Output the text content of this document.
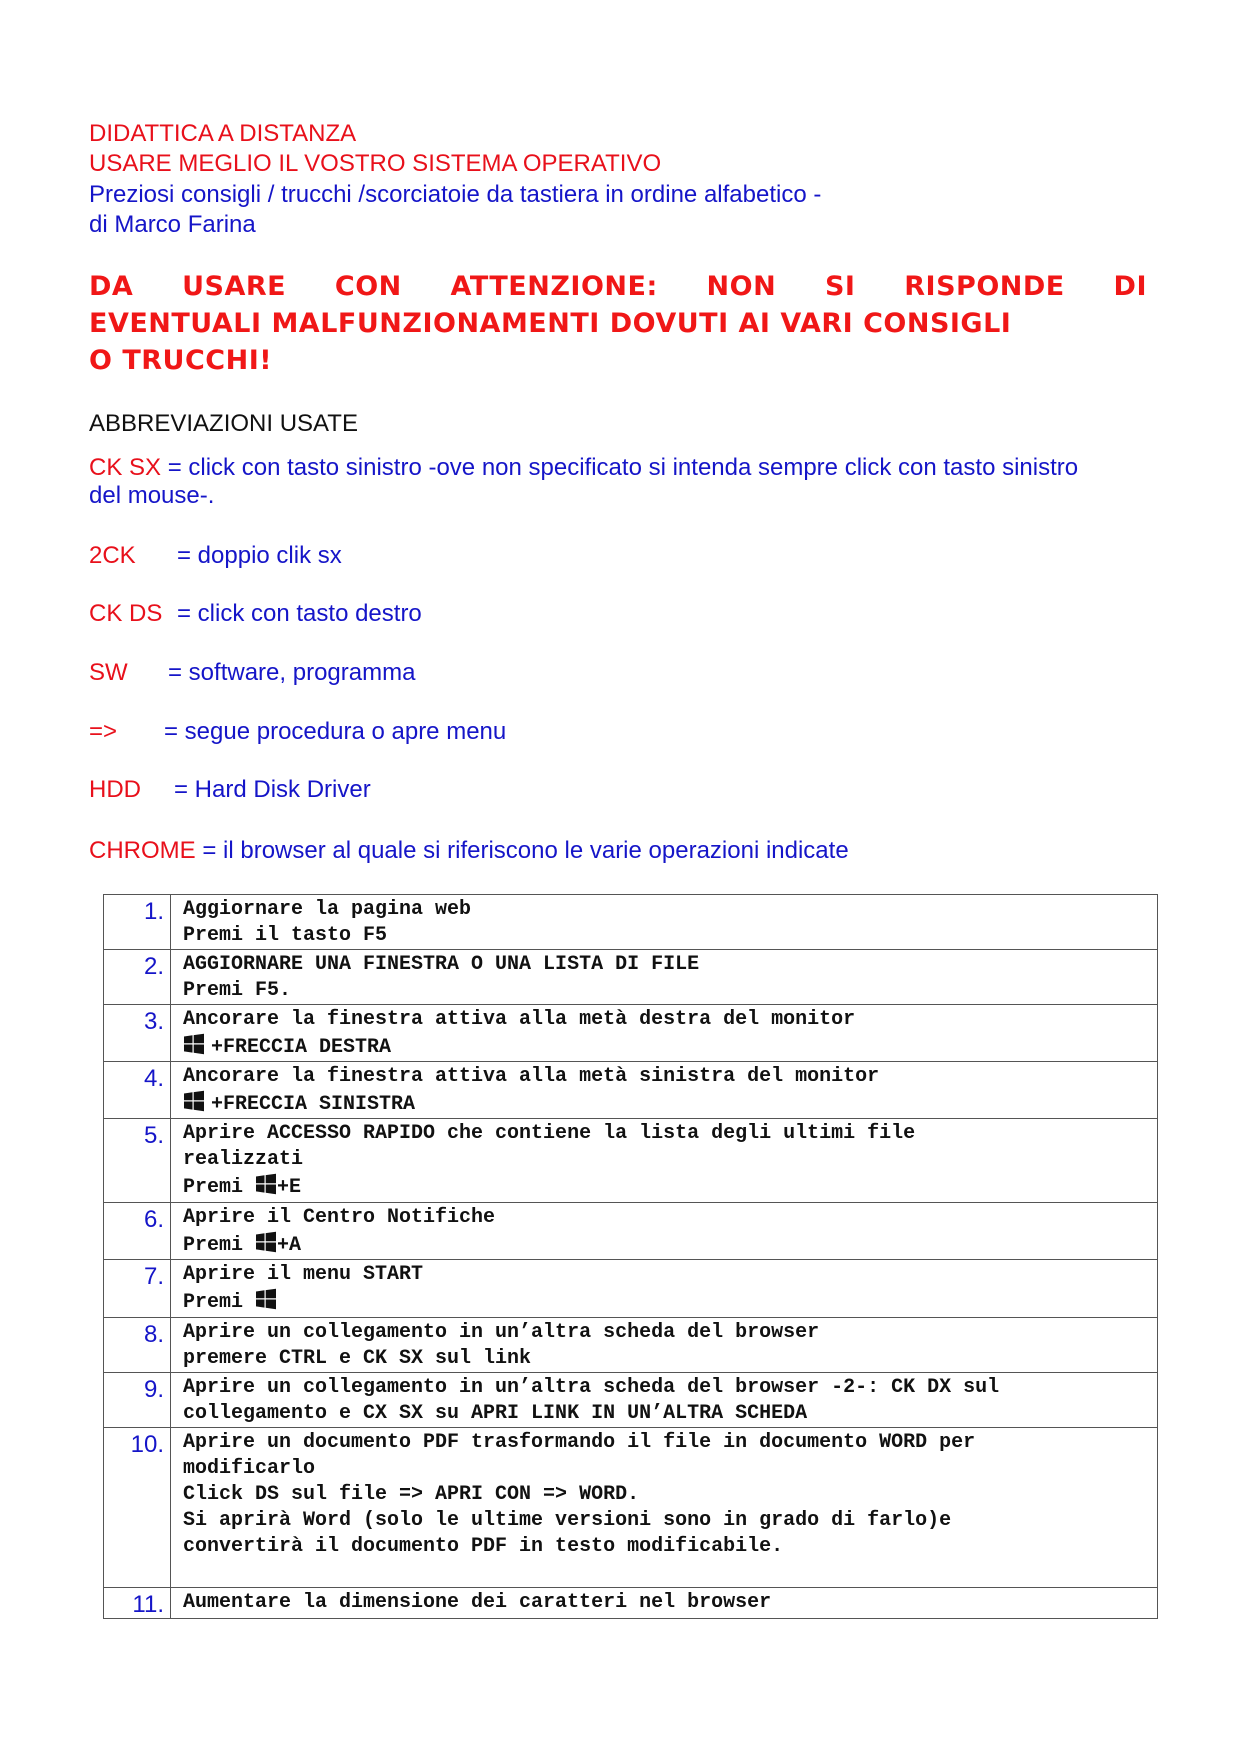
DIDATTICA A DISTANZA
USARE MEGLIO IL VOSTRO SISTEMA OPERATIVO
Preziosi consigli / trucchi /scorciatoie da tastiera in ordine alfabetico -
di Marco Farina
DA USARE CON ATTENZIONE: NON SI RISPONDE DI
EVENTUALI MALFUNZIONAMENTI DOVUTI AI VARI CONSIGLI
O TRUCCHI!
ABBREVIAZIONI USATE
CK SX = click con tasto sinistro -ove non specificato si intenda sempre click con tasto sinistro
del mouse-.
2CK = doppio clik sx
CK DS = click con tasto destro
SW = software, programma
=> = segue procedura o apre menu
HDD = Hard Disk Driver
CHROME = il browser al quale si riferiscono le varie operazioni indicate
1.	Aggiornare la pagina web
Premi il tasto F5

2.	AGGIORNARE UNA FINESTRA O UNA LISTA DI FILE
Premi F5.

3.	Ancorare la finestra attiva alla metà destra del monitor
+FRECCIA DESTRA

4.	Ancorare la finestra attiva alla metà sinistra del monitor
+FRECCIA SINISTRA

5.	Aprire ACCESSO RAPIDO che contiene la lista degli ultimi file
realizzati
Premi +E

6.	Aprire il Centro Notifiche
Premi +A

7.	Aprire il menu START
Premi

8.	Aprire un collegamento in un’altra scheda del browser
premere CTRL e CK SX sul link

9.	Aprire un collegamento in un’altra scheda del browser -2-: CK DX sul
collegamento e CX SX su APRI LINK IN UN’ALTRA SCHEDA

10.	Aprire un documento PDF trasformando il file in documento WORD per
modificarlo
Click DS sul file => APRI CON => WORD.
Si aprirà Word (solo le ultime versioni sono in grado di farlo)e
convertirà il documento PDF in testo modificabile.

11.	Aumentare la dimensione dei caratteri nel browser
